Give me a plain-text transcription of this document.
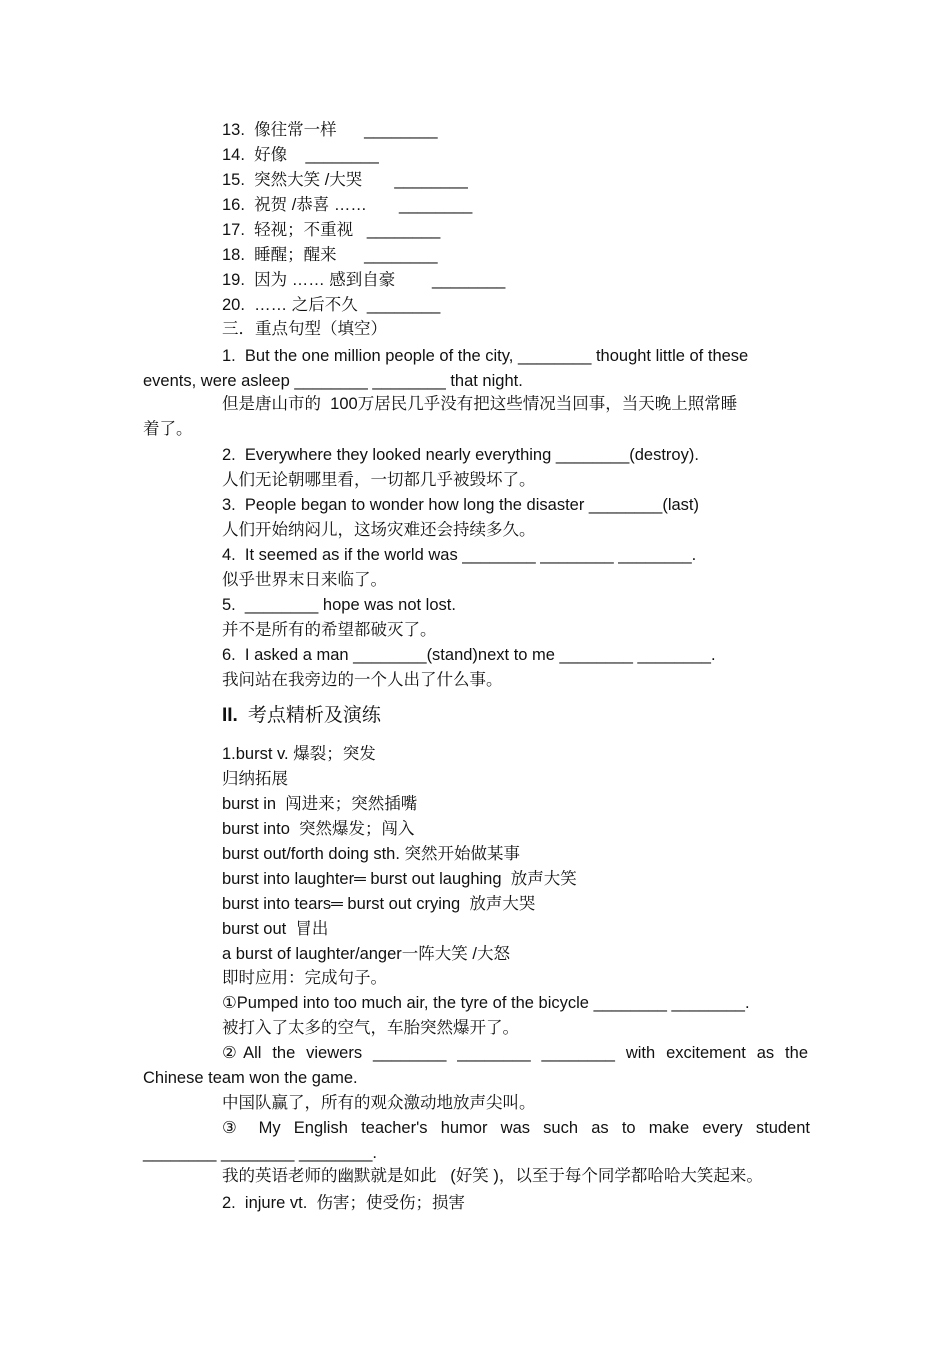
13.  像往常一样      ________
14.  好像    ________
15.  突然大笑 /大哭       ________
16.  祝贺 /恭喜 ……       ________
17.  轻视；不重视   ________
18.  睡醒；醒来      ________
19.  因为 …… 感到自豪        ________
20.  …… 之后不久  ________
三．重点句型（填空）
1.  But the one million people of the city, ________ thought little of these
events, were asleep ________ ________ that night.
但是唐山市的  100万居民几乎没有把这些情况当回事，当天晚上照常睡
着了。
2.  Everywhere they looked nearly everything ________(destroy).
人们无论朝哪里看，一切都几乎被毁坏了。
3.  People began to wonder how long the disaster ________(last)
人们开始纳闷儿，这场灾难还会持续多久。
4.  It seemed as if the world was ________ ________ ________.
似乎世界末日来临了。
5.  ________ hope was not lost.
并不是所有的希望都破灭了。
6.  I asked a man ________(stand)next to me ________ ________.
我问站在我旁边的一个人出了什么事。
II. 考点精析及演练
1.burst v. 爆裂；突发
归纳拓展
burst in  闯进来；突然插嘴
burst into  突然爆发；闯入
burst out/forth doing sth. 突然开始做某事
burst into laughter═ burst out laughing  放声大笑
burst into tears═ burst out crying  放声大哭
burst out  冒出
a burst of laughter/anger一阵大笑 /大怒
即时应用：完成句子。
①Pumped into too much air, the tyre of the bicycle ________ ________.
被打入了太多的空气，车胎突然爆开了。
②All the viewers ________ ________ ________ with excitement as the
Chinese team won the game.
中国队赢了，所有的观众激动地放声尖叫。
③ My English teacher's humor was such as to make every student
________ ________ ________.
我的英语老师的幽默就是如此   (好笑 )，以至于每个同学都哈哈大笑起来。
2.  injure vt.  伤害；使受伤；损害
